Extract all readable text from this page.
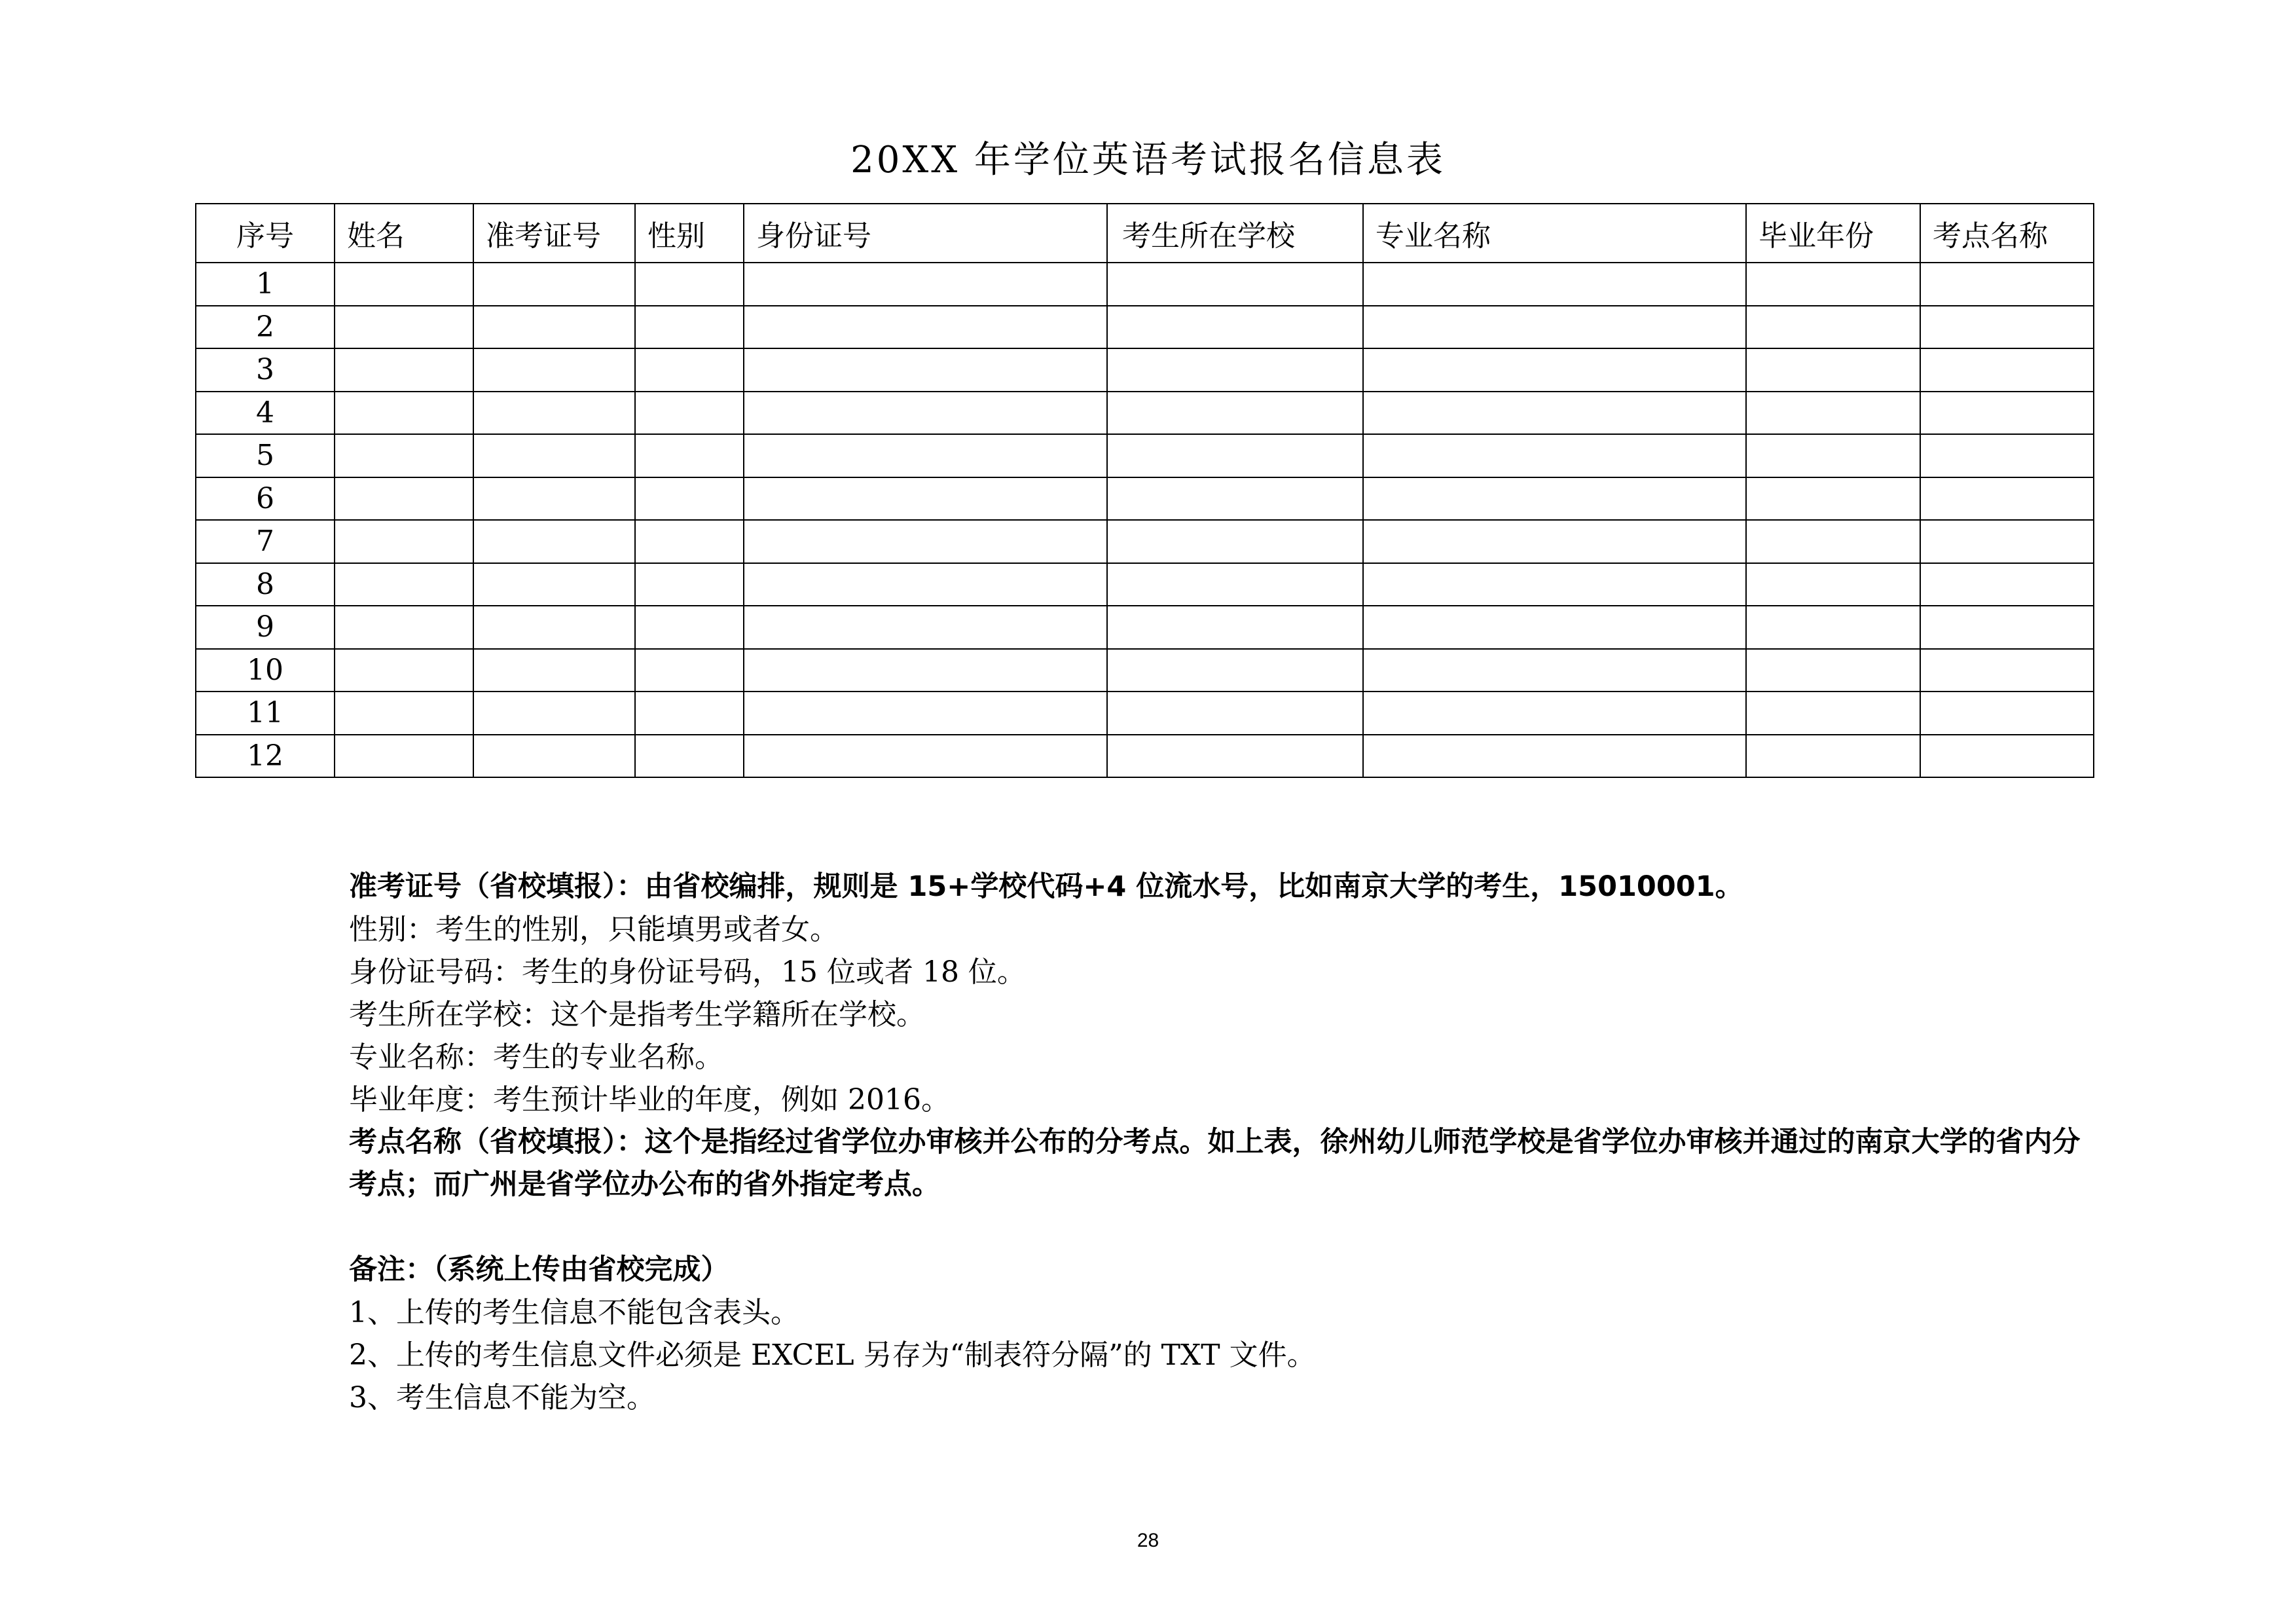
20XX 年学位英语考试报名信息表
序号	姓名	准考证号	性别	身份证号	考生所在学校	专业名称	毕业年份	考点名称
1								
2								
3								
4								
5								
6								
7								
8								
9								
10								
11								
12								
准考证号（省校填报）：由省校编排，规则是 15+学校代码+4 位流水号，比如南京大学的考生，15010001。
性别：考生的性别，只能填男或者女。
身份证号码：考生的身份证号码，15 位或者 18 位。
考生所在学校：这个是指考生学籍所在学校。
专业名称：考生的专业名称。
毕业年度：考生预计毕业的年度，例如 2016。
考点名称（省校填报）：这个是指经过省学位办审核并公布的分考点。如上表，徐州幼儿师范学校是省学位办审核并通过的南京大学的省内分考点；而广州是省学位办公布的省外指定考点。
备注：（系统上传由省校完成）
1、上传的考生信息不能包含表头。
2、上传的考生信息文件必须是 EXCEL 另存为“制表符分隔”的 TXT 文件。
3、考生信息不能为空。
28
